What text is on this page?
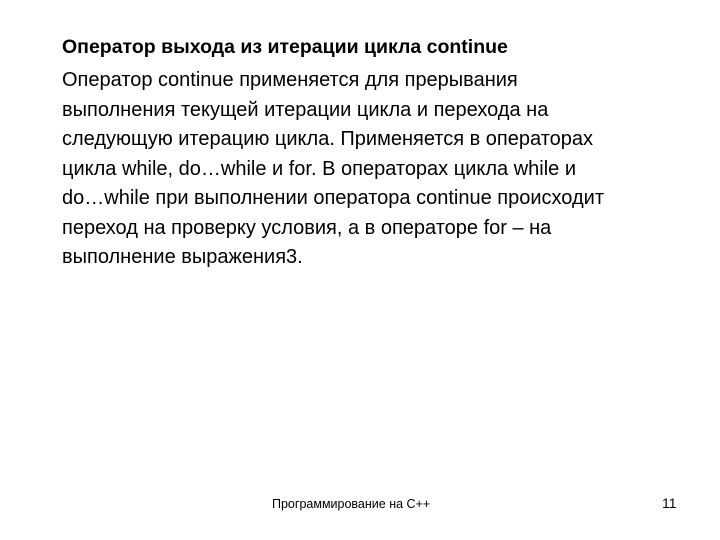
Оператор выхода из итерации цикла continue
Оператор continue применяется для прерывания
выполнения текущей итерации цикла и перехода на
следующую итерацию цикла. Применяется в операторах
цикла while, do…while и for. В операторах цикла while и
do…while при выполнении оператора continue происходит
переход на проверку условия, а в операторе for – на
выполнение выражения3.
Программирование на С++	11
